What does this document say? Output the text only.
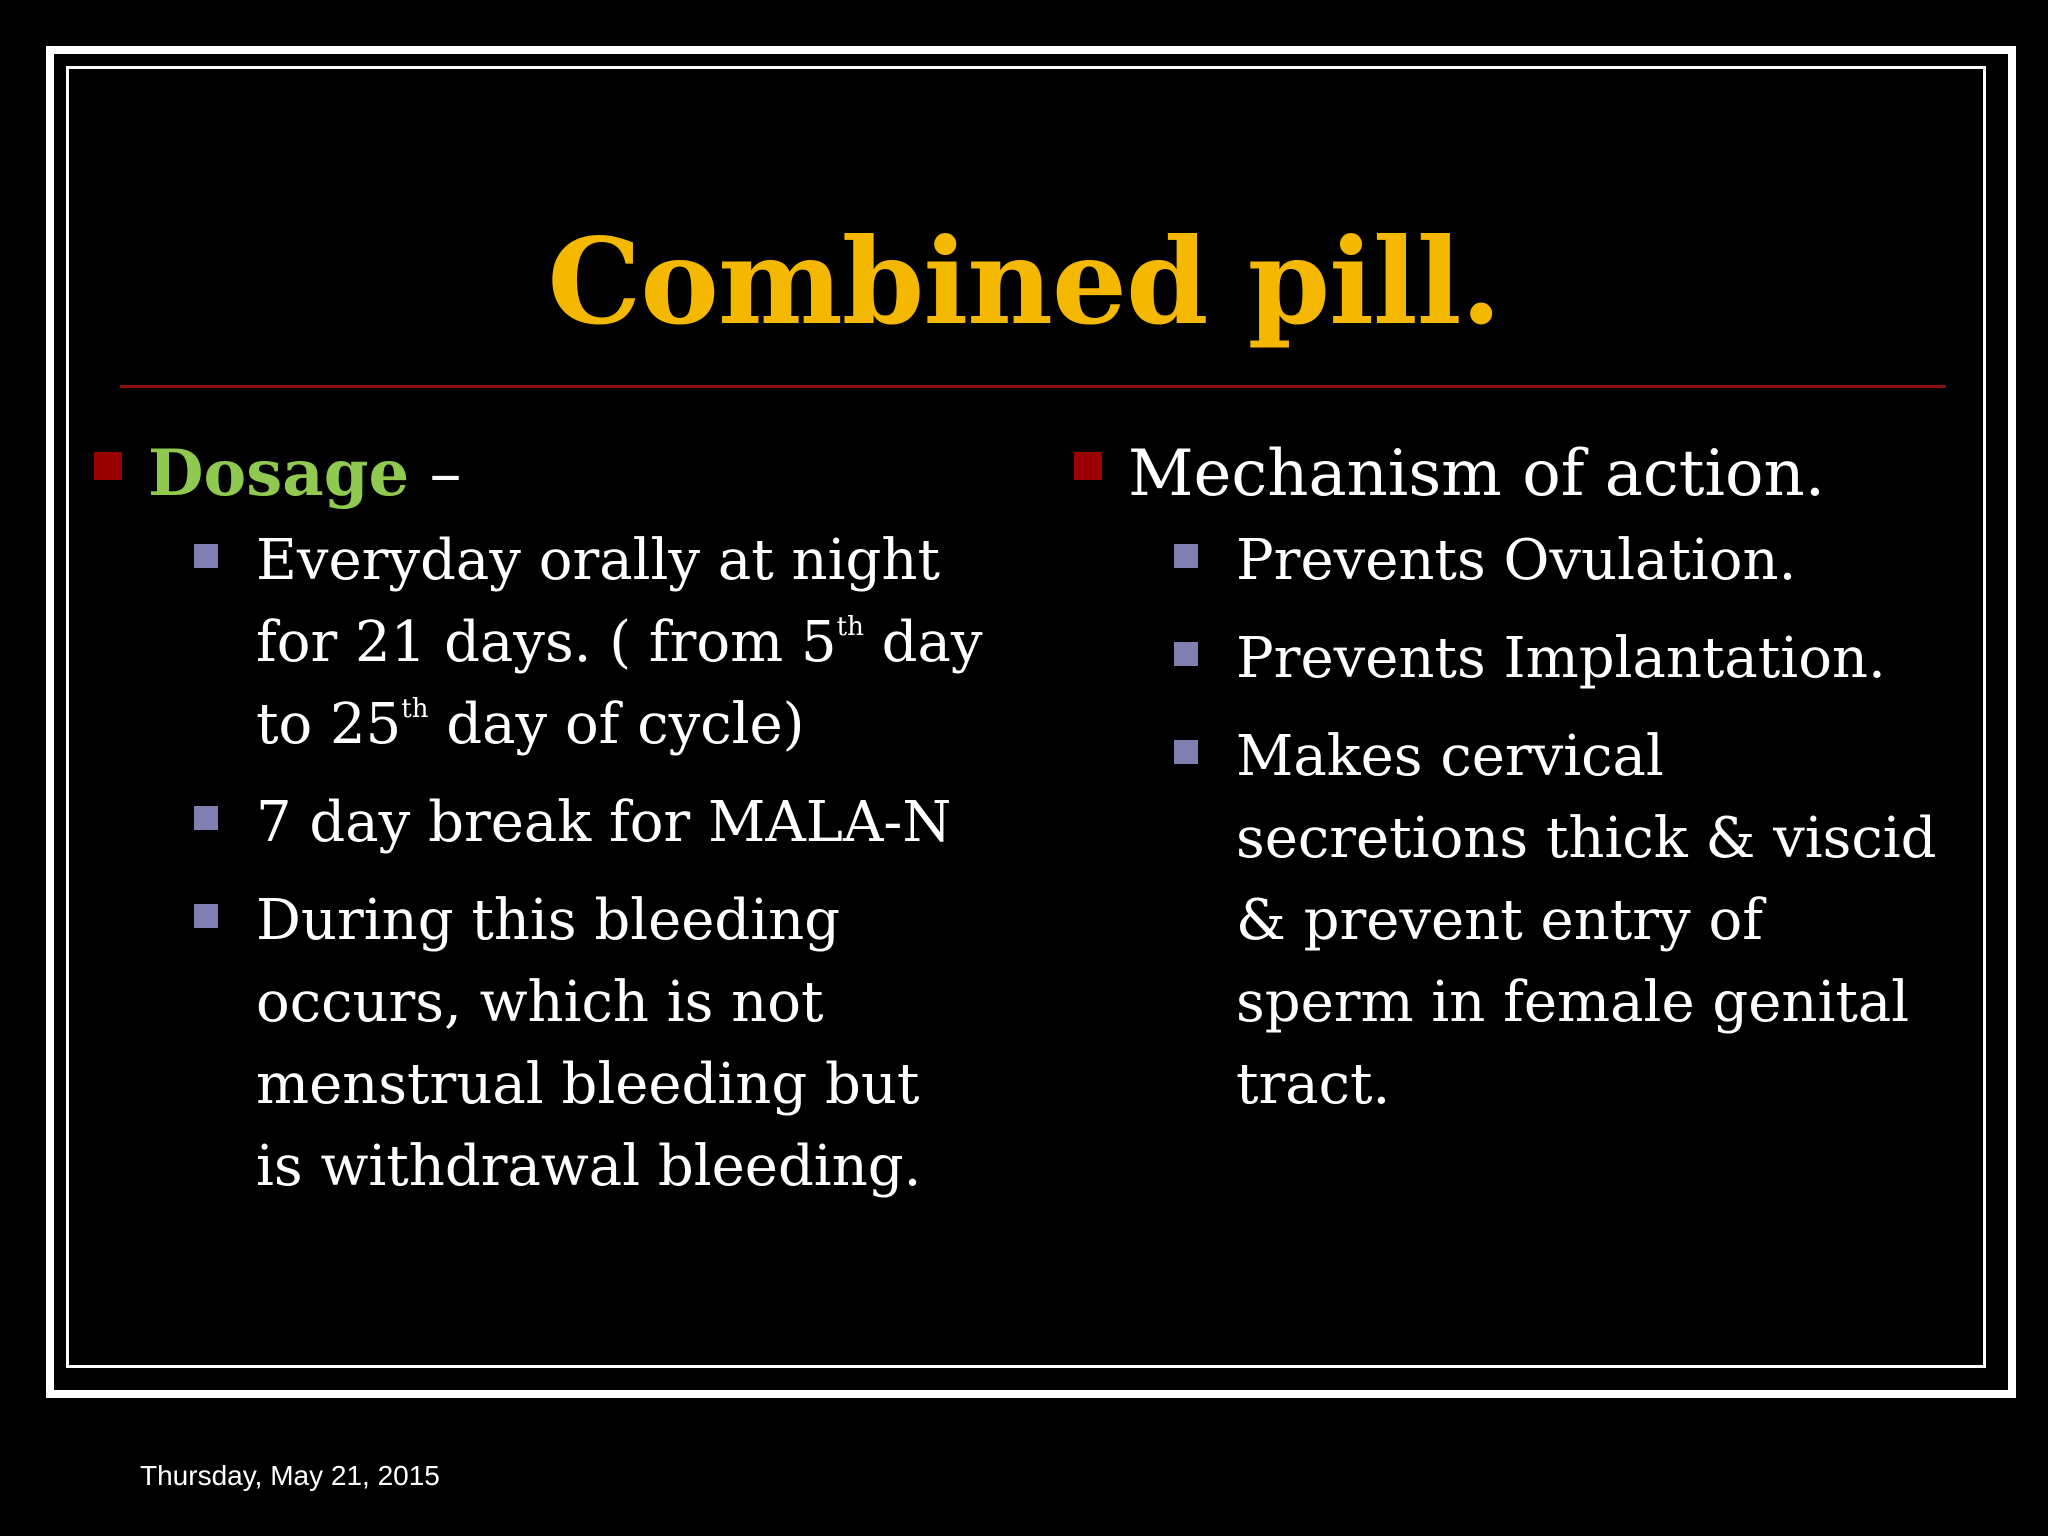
Combined pill.
Dosage –
Everyday orally at night
for 21 days. ( from 5th day
to 25th day of cycle)
7 day break for MALA-N
During this bleeding
occurs, which is not
menstrual bleeding but
is withdrawal bleeding.
Mechanism of action.
Prevents Ovulation.
Prevents Implantation.
Makes cervical
secretions thick & viscid
& prevent entry of
sperm in female genital
tract.
Thursday, May 21, 2015
